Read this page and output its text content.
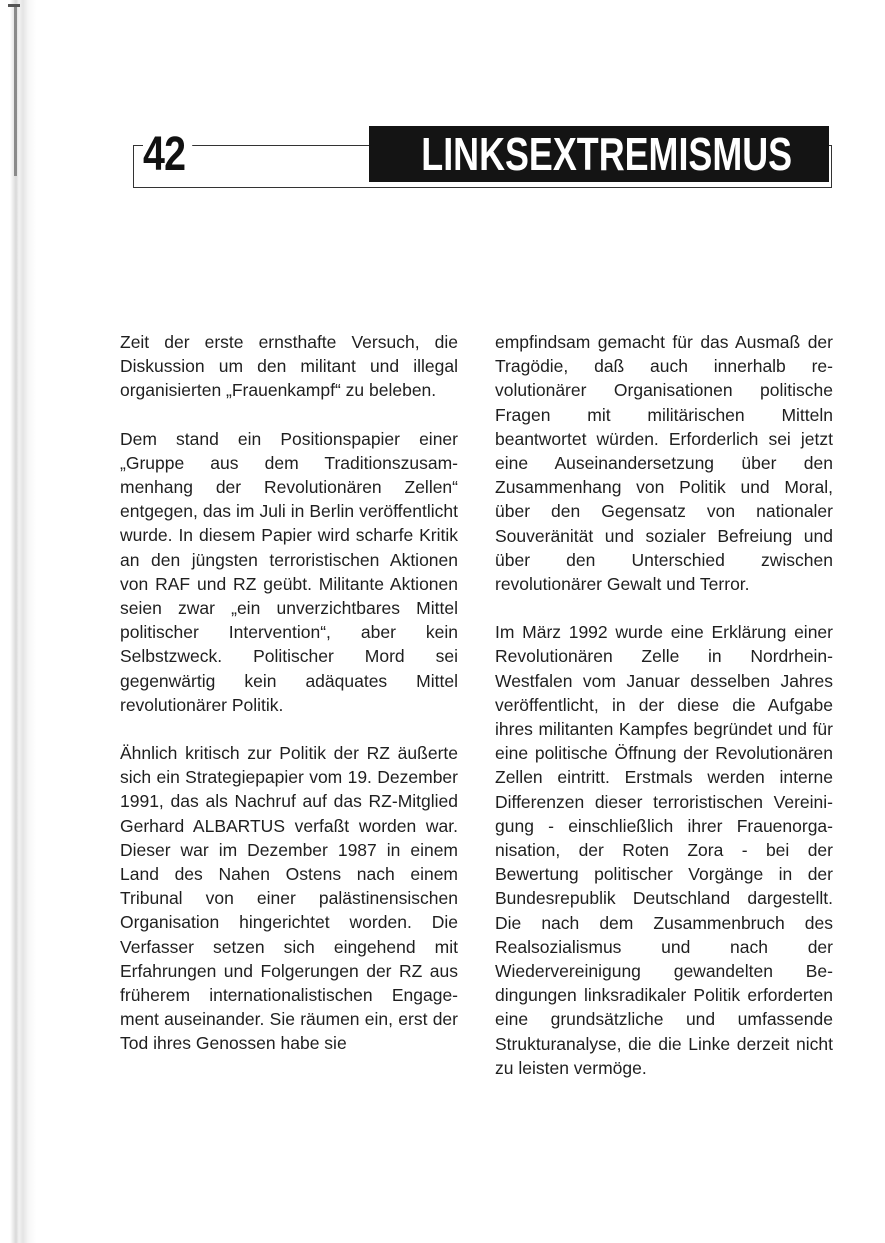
42	LINKSEXTREMISMUS

Zeit der erste ernsthafte Versuch, die Diskussion um den militant und illegal organisierten „Frauenkampf“ zu beleben.

Dem stand ein Positionspapier einer „Gruppe aus dem Traditionszusammenhang der Revolutionären Zellen“ entgegen, das im Juli in Berlin veröffentlicht wurde. In diesem Papier wird scharfe Kritik an den jüngsten terroristischen Aktionen von RAF und RZ geübt. Militante Aktionen seien zwar „ein unverzichtbares Mittel politischer Intervention“, aber kein Selbstzweck. Politischer Mord sei gegenwärtig kein adäquates Mittel revolutionärer Politik.

Ähnlich kritisch zur Politik der RZ äußerte sich ein Strategiepapier vom 19. Dezember 1991, das als Nachruf auf das RZ-Mitglied Gerhard ALBARTUS verfaßt worden war. Dieser war im Dezember 1987 in einem Land des Nahen Ostens nach einem Tribunal von einer palästinensischen Organisation hingerichtet worden. Die Verfasser setzen sich eingehend mit Erfahrungen und Folgerungen der RZ aus früherem internationalistischen Engagement auseinander. Sie räumen ein, erst der Tod ihres Genossen habe sie

empfindsam gemacht für das Ausmaß der Tragödie, daß auch innerhalb revolutionärer Organisationen politische Fragen mit militärischen Mitteln beantwortet würden. Erforderlich sei jetzt eine Auseinandersetzung über den Zusammenhang von Politik und Moral, über den Gegensatz von nationaler Souveränität und sozialer Befreiung und über den Unterschied zwischen revolutionärer Gewalt und Terror.

Im März 1992 wurde eine Erklärung einer Revolutionären Zelle in Nordrhein-Westfalen vom Januar desselben Jahres veröffentlicht, in der diese die Aufgabe ihres militanten Kampfes begründet und für eine politische Öffnung der Revolutionären Zellen eintritt. Erstmals werden interne Differenzen dieser terroristischen Vereinigung - einschließlich ihrer Frauenorganisation, der Roten Zora - bei der Bewertung politischer Vorgänge in der Bundesrepublik Deutschland dargestellt. Die nach dem Zusammenbruch des Realsozialismus und nach der Wiedervereinigung gewandelten Bedingungen linksradikaler Politik erforderten eine grundsätzliche und umfassende Strukturanalyse, die die Linke derzeit nicht zu leisten vermöge.
